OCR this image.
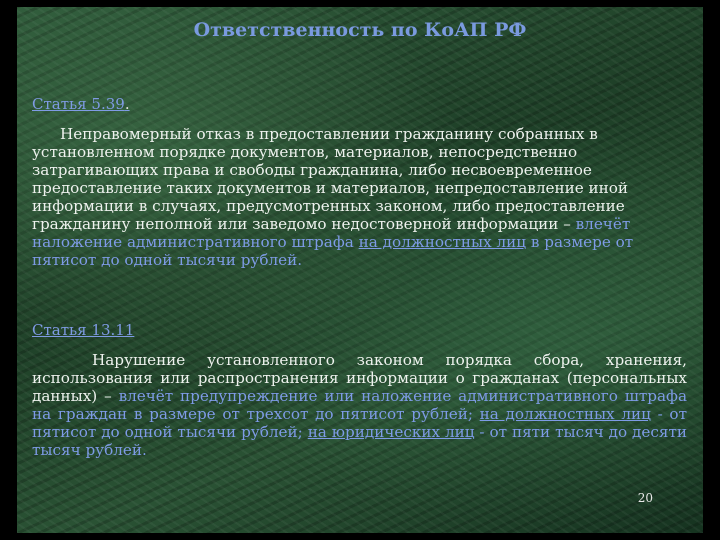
Ответственность по КоАП РФ
Статья 5.39.
Неправомерный отказ в предоставлении гражданину собранных в установленном порядке документов, материалов, непосредственно затрагивающих права и свободы гражданина, либо несвоевременное предоставление таких документов и материалов, непредоставление иной информации в случаях, предусмотренных законом, либо предоставление гражданину неполной или заведомо недостоверной информации – влечёт наложение административного штрафа на должностных лиц в размере от пятисот до одной тысячи рублей.
Статья 13.11
Нарушение установленного законом порядка сбора, хранения, использования или распространения информации о гражданах (персональных данных) – влечёт предупреждение или наложение административного штрафа на граждан в размере от трехсот до пятисот рублей; на должностных лиц - от пятисот до одной тысячи рублей; на юридических лиц - от пяти тысяч до десяти тысяч рублей.
20
